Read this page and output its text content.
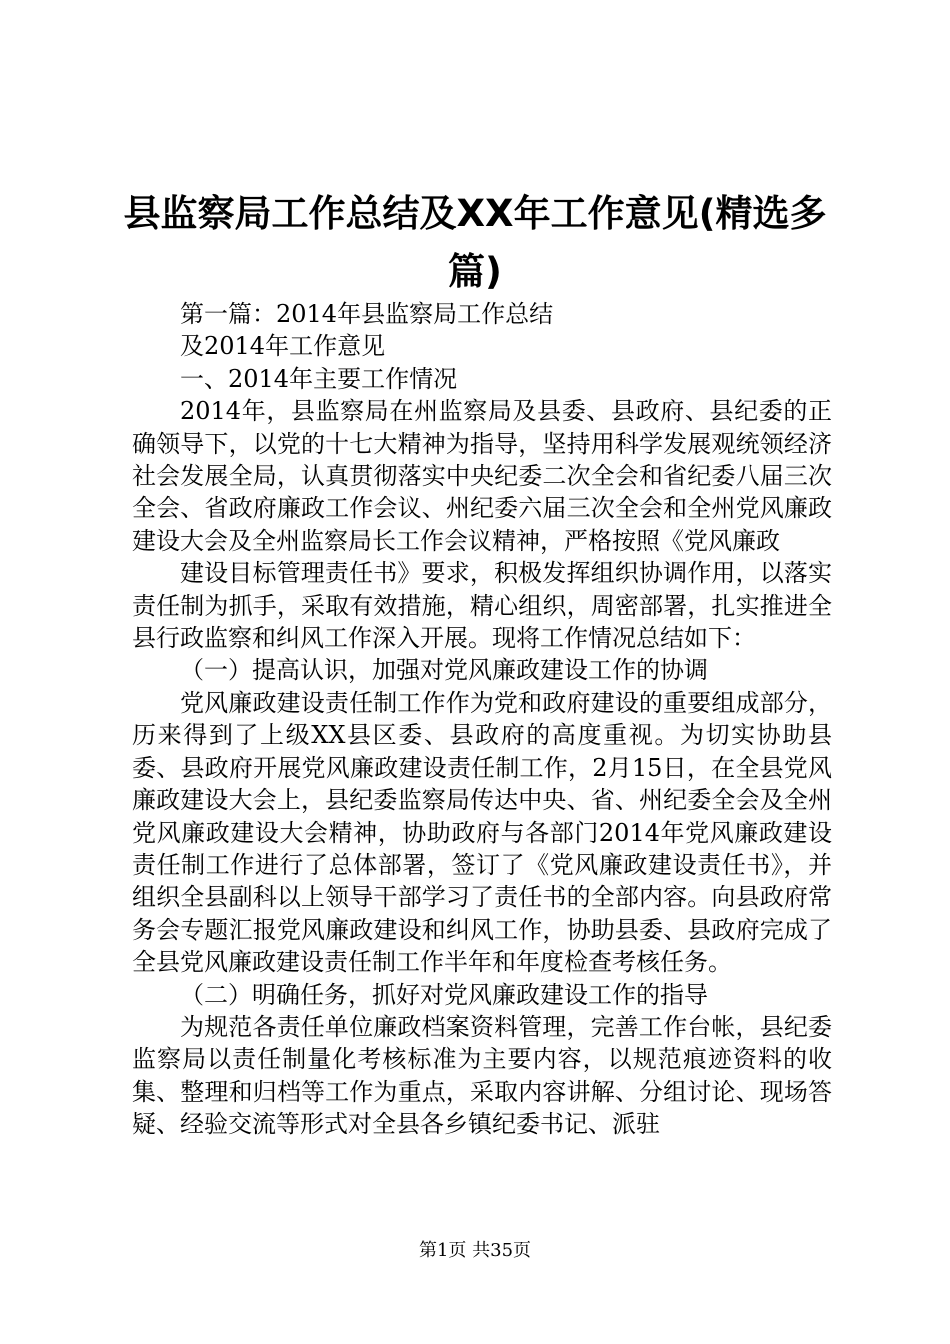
县监察局工作总结及XX年工作意见(精选多篇)

第一篇：2014年县监察局工作总结

及2014年工作意见

一、2014年主要工作情况

2014年，县监察局在州监察局及县委、县政府、县纪委的正确领导下，以党的十七大精神为指导，坚持用科学发展观统领经济社会发展全局，认真贯彻落实中央纪委二次全会和省纪委八届三次全会、省政府廉政工作会议、州纪委六届三次全会和全州党风廉政建设大会及全州监察局长工作会议精神，严格按照《党风廉政

建设目标管理责任书》要求，积极发挥组织协调作用，以落实责任制为抓手，采取有效措施，精心组织，周密部署，扎实推进全县行政监察和纠风工作深入开展。现将工作情况总结如下：

（一）提高认识，加强对党风廉政建设工作的协调

党风廉政建设责任制工作作为党和政府建设的重要组成部分，历来得到了上级XX县区委、县政府的高度重视。为切实协助县委、县政府开展党风廉政建设责任制工作，2月15日，在全县党风廉政建设大会上，县纪委监察局传达中央、省、州纪委全会及全州党风廉政建设大会精神，协助政府与各部门2014年党风廉政建设责任制工作进行了总体部署，签订了《党风廉政建设责任书》，并组织全县副科以上领导干部学习了责任书的全部内容。向县政府常务会专题汇报党风廉政建设和纠风工作，协助县委、县政府完成了全县党风廉政建设责任制工作半年和年度检查考核任务。

（二）明确任务，抓好对党风廉政建设工作的指导

为规范各责任单位廉政档案资料管理，完善工作台帐，县纪委监察局以责任制量化考核标准为主要内容，以规范痕迹资料的收集、整理和归档等工作为重点，采取内容讲解、分组讨论、现场答疑、经验交流等形式对全县各乡镇纪委书记、派驻

第1页 共35页
